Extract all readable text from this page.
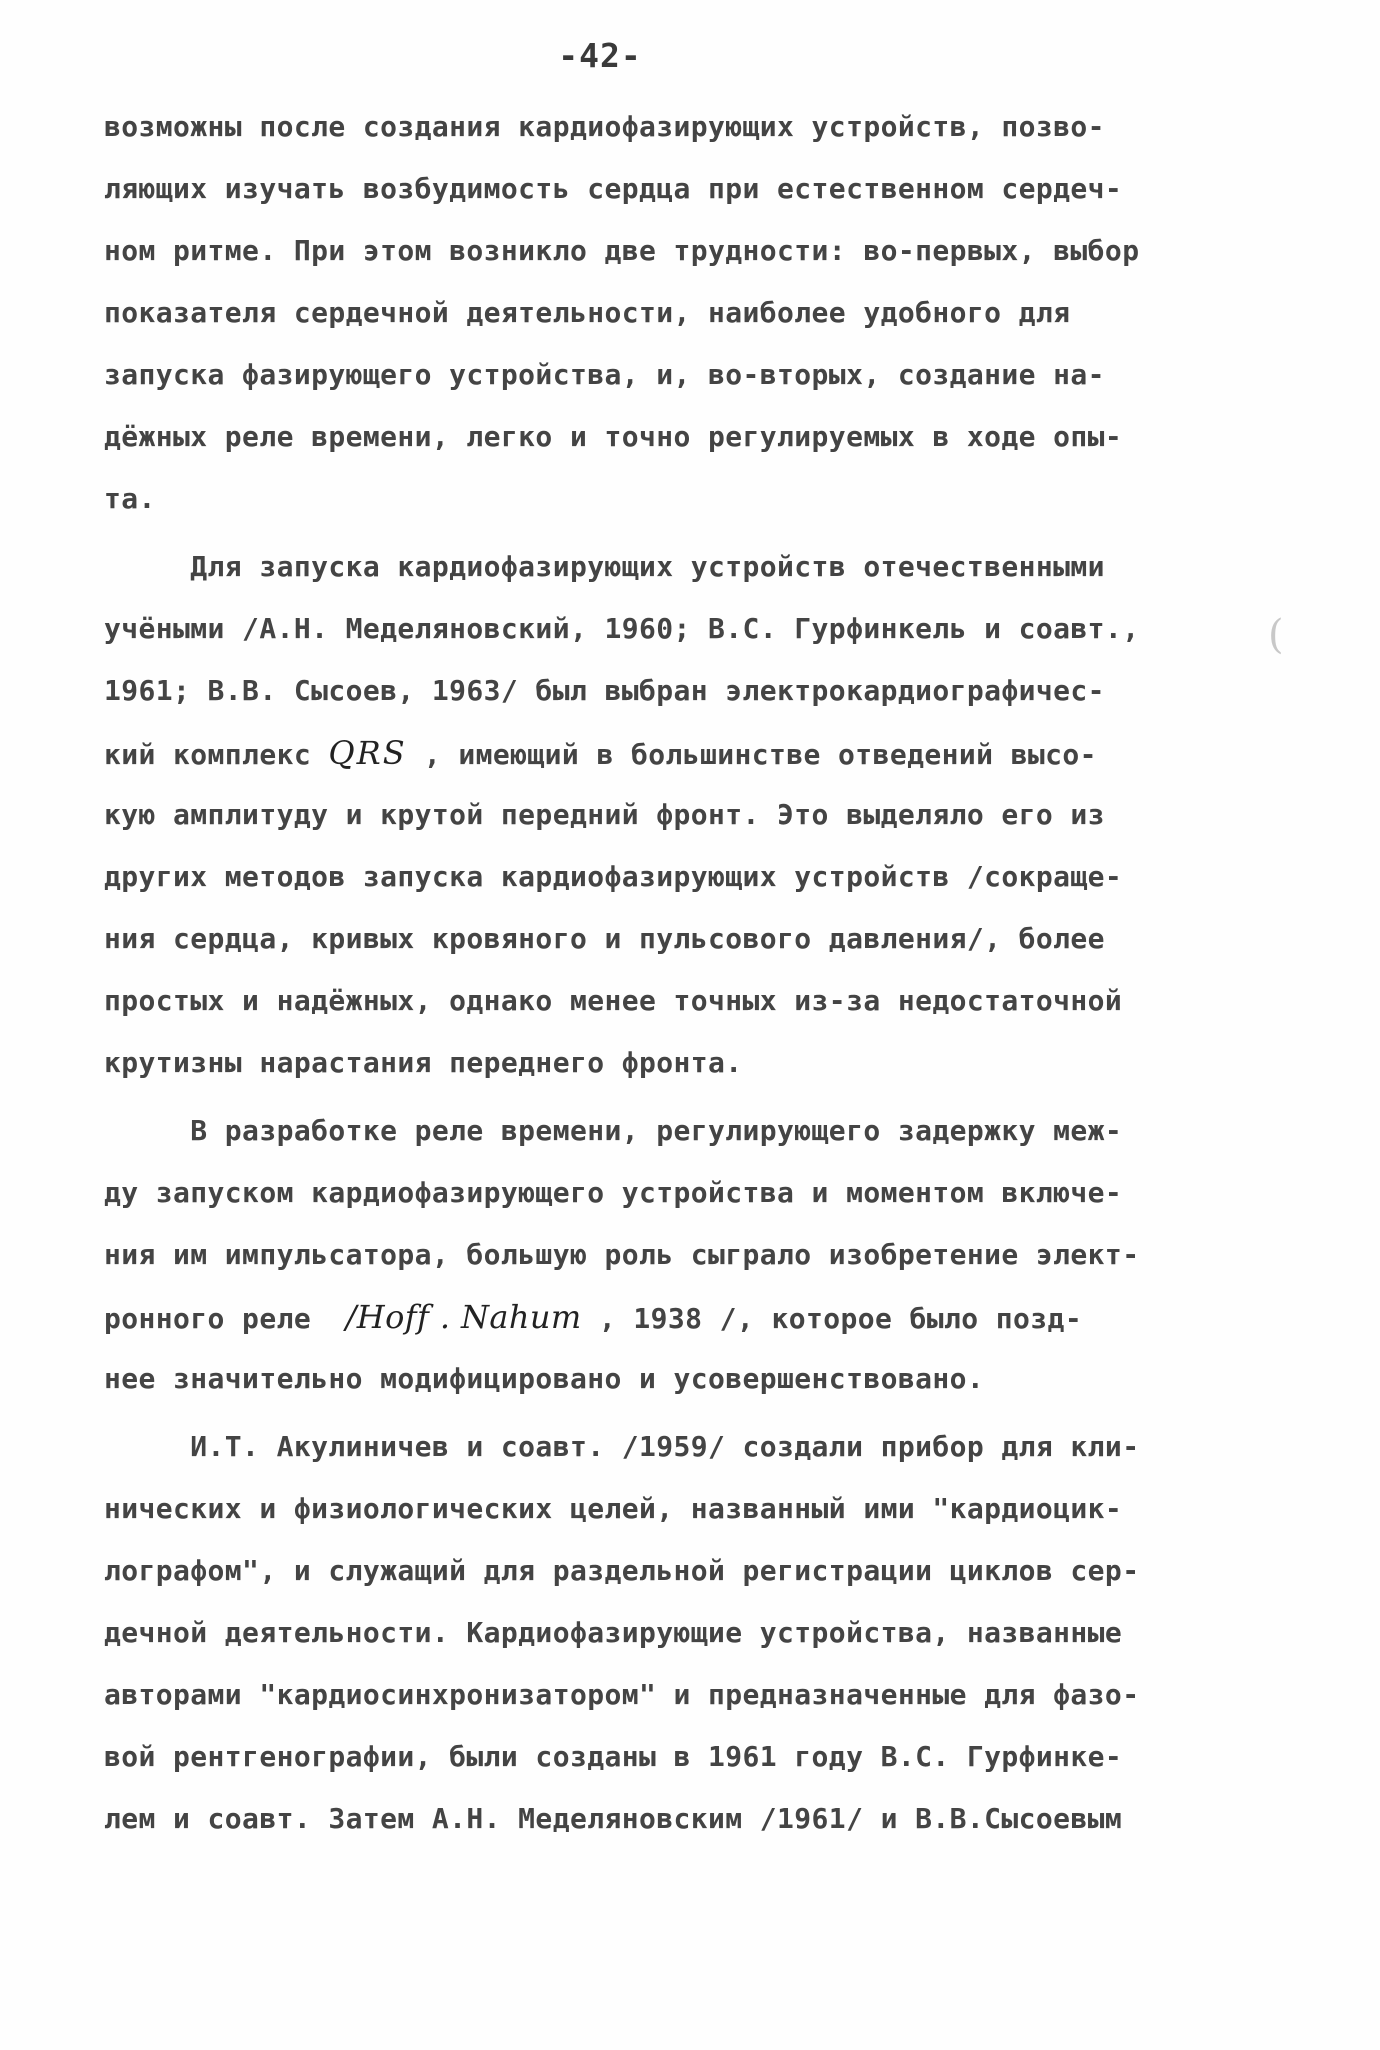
-42-
(
возможны после создания кардиофазирующих устройств, позво-
ляющих изучать возбудимость сердца при естественном сердеч-
ном ритме. При этом возникло две трудности: во-первых, выбор
показателя сердечной деятельности, наиболее удобного для
запуска фазирующего устройства, и, во-вторых, создание на-
дёжных реле времени, легко и точно регулируемых в ходе опы-
та.
Для запуска кардиофазирующих устройств отечественными
учёными /А.Н. Меделяновский, 1960; В.С. Гурфинкель и соавт.,
1961; В.В. Сысоев, 1963/ был выбран электрокардиографичес-
кий комплекс QRS , имеющий в большинстве отведений высо-
кую амплитуду и крутой передний фронт. Это выделяло его из
других методов запуска кардиофазирующих устройств /сокраще-
ния сердца, кривых кровяного и пульсового давления/, более
простых и надёжных, однако менее точных из-за недостаточной
крутизны нарастания переднего фронта.
В разработке реле времени, регулирующего задержку меж-
ду запуском кардиофазирующего устройства и моментом включе-
ния им импульсатора, большую роль сыграло изобретение элект-
ронного реле  /Hoff . Nahum , 1938 /, которое было позд-
нее значительно модифицировано и усовершенствовано.
И.Т. Акулиничев и соавт. /1959/ создали прибор для кли-
нических и физиологических целей, названный ими "кардиоцик-
лографом", и служащий для раздельной регистрации циклов сер-
дечной деятельности. Кардиофазирующие устройства, названные
авторами "кардиосинхронизатором" и предназначенные для фазо-
вой рентгенографии, были созданы в 1961 году В.С. Гурфинке-
лем и соавт. Затем А.Н. Меделяновским /1961/ и В.В.Сысоевым
